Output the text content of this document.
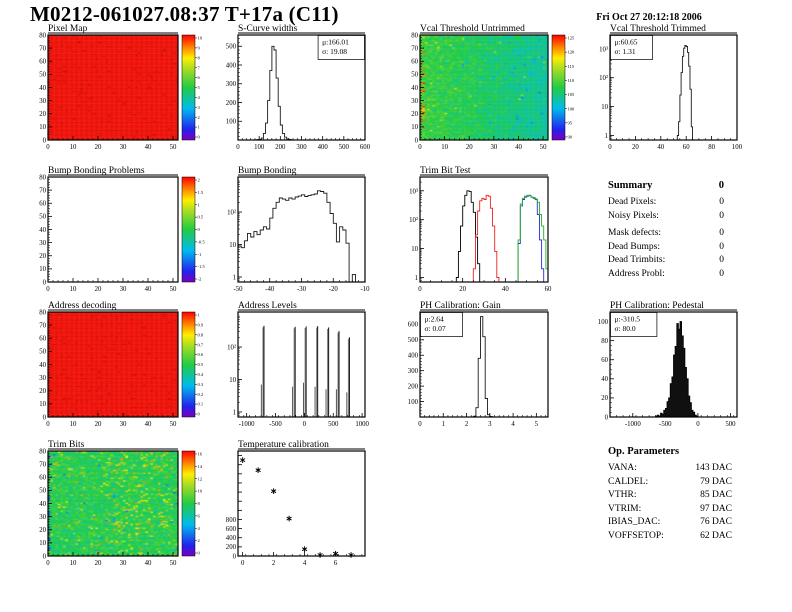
M0212-061027.08:37 T+17a (C11)	Fri Oct 27 20:12:18 2006
Pixel Map
0	10	20	30	40	50
0
10
20
30
40
50
60
70
80	10
9
8
7
6
5
4
3
2
1
0
S-Curve widths
0 100 200 300 400 500 600
100
200
300
400
500
μ:166.01
σ: 19.08
Vcal Threshold Untrimmed
0	10	20	30	40	50
0
10
20
30
40
50
60
70
80	125
120
115
110
105
100
95
90
Vcal Threshold Trimmed
0	20	40	60	80 100
1
10
10²
10³
μ:60.65
σ: 1.31
Bump Bonding Problems
0	10	20	30	40	50
0
10
20
30
40
50
60
70
80	2
1.5
1
0.5
0
-0.5
-1
-1.5
-2
Bump Bonding
-50	-40	-30	-20	-10
1
10
10²
Trim Bit Test
0	20	40	60
1
10
10²
10³
Address decoding
0	10	20	30	40	50
0
10
20
30
40
50
60
70
80	1
0.9
0.8
0.7
0.6
0.5
0.4
0.3
0.2
0.1
0
Address Levels
-1000 -500	0	500 1000
1
10
10²
PH Calibration: Gain
0	1	2	3	4	5
100
200
300
400
500
600
μ:2.64
σ: 0.07
PH Calibration: Pedestal
-1000	-500	0	500
0
20
40
60
80
100 μ:-310.5
σ: 80.0
Trim Bits
0	10	20	30	40	50
0
10
20
30
40
50
60
70
80	16
14
12
10
8
6
4
2
0
Temperature calibration
0	2	4	6
0
200
400
600
800
Summary	0
Dead Pixels:	0
Noisy Pixels:	0
Mask defects:	0
Dead Bumps:	0
Dead Trimbits:	0
Address Probl:	0
Op. Parameters
VANA:	143 DAC
CALDEL:	79 DAC
VTHR:	85 DAC
VTRIM:	97 DAC
IBIAS_DAC:	76 DAC
VOFFSETOP:	62 DAC
